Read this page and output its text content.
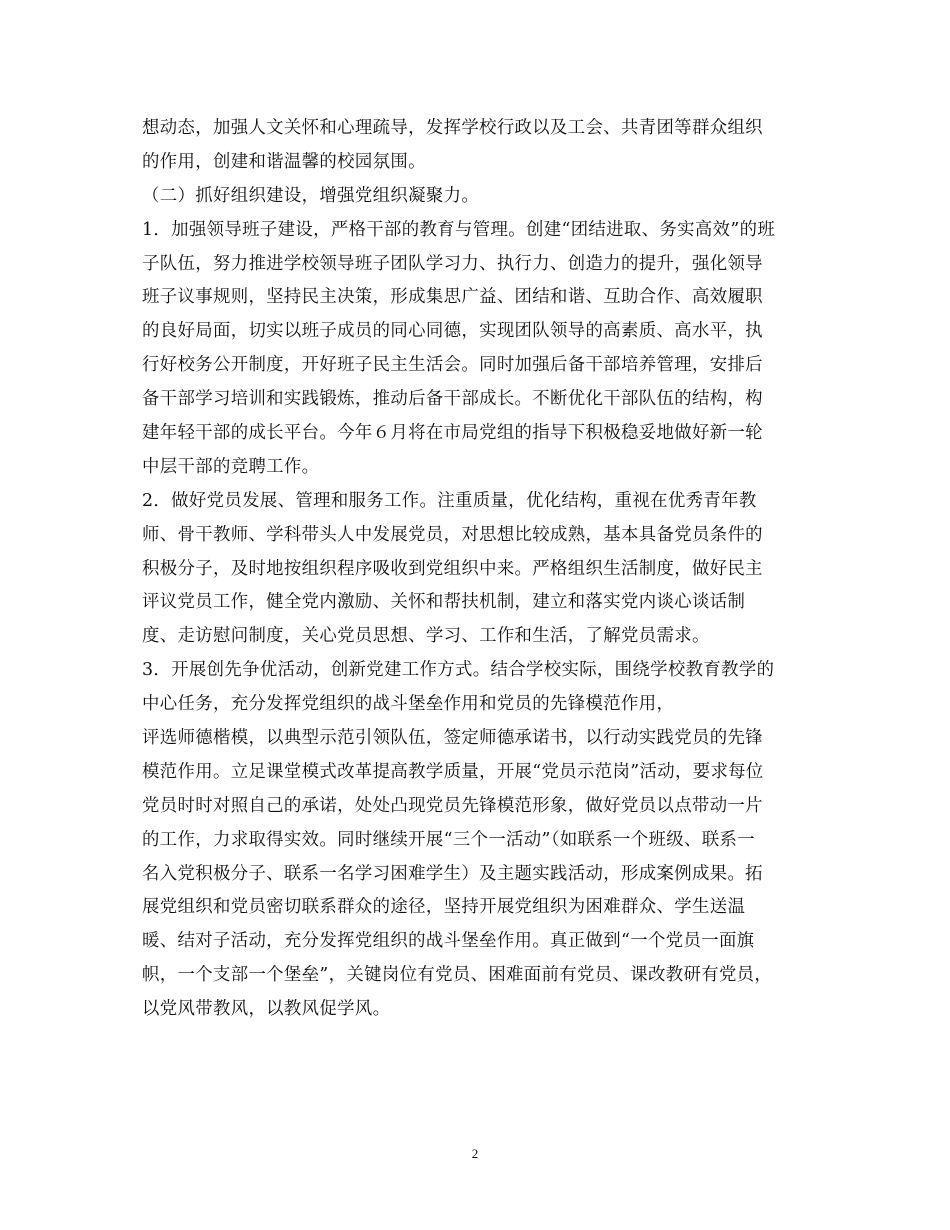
想动态，加强人文关怀和心理疏导，发挥学校行政以及工会、共青团等群众组织
的作用，创建和谐温馨的校园氛围。
（二）抓好组织建设，增强党组织凝聚力。
1．加强领导班子建设，严格干部的教育与管理。创建“团结进取、务实高效”的班
子队伍，努力推进学校领导班子团队学习力、执行力、创造力的提升，强化领导
班子议事规则，坚持民主决策，形成集思广益、团结和谐、互助合作、高效履职
的良好局面，切实以班子成员的同心同德，实现团队领导的高素质、高水平，执
行好校务公开制度，开好班子民主生活会。同时加强后备干部培养管理，安排后
备干部学习培训和实践锻炼，推动后备干部成长。不断优化干部队伍的结构，构
建年轻干部的成长平台。今年６月将在市局党组的指导下积极稳妥地做好新一轮
中层干部的竞聘工作。
2．做好党员发展、管理和服务工作。注重质量，优化结构，重视在优秀青年教
师、骨干教师、学科带头人中发展党员，对思想比较成熟，基本具备党员条件的
积极分子，及时地按组织程序吸收到党组织中来。严格组织生活制度，做好民主
评议党员工作，健全党内激励、关怀和帮扶机制，建立和落实党内谈心谈话制
度、走访慰问制度，关心党员思想、学习、工作和生活，了解党员需求。
3．开展创先争优活动，创新党建工作方式。结合学校实际，围绕学校教育教学的
中心任务，充分发挥党组织的战斗堡垒作用和党员的先锋模范作用，
评选师德楷模，以典型示范引领队伍，签定师德承诺书，以行动实践党员的先锋
模范作用。立足课堂模式改革提高教学质量，开展“党员示范岗”活动，要求每位
党员时时对照自己的承诺，处处凸现党员先锋模范形象，做好党员以点带动一片
的工作，力求取得实效。同时继续开展“三个一活动”（如联系一个班级、联系一
名入党积极分子、联系一名学习困难学生）及主题实践活动，形成案例成果。拓
展党组织和党员密切联系群众的途径，坚持开展党组织为困难群众、学生送温
暖、结对子活动，充分发挥党组织的战斗堡垒作用。真正做到“一个党员一面旗
帜，一个支部一个堡垒”，关键岗位有党员、困难面前有党员、课改教研有党员，
以党风带教风，以教风促学风。
2
